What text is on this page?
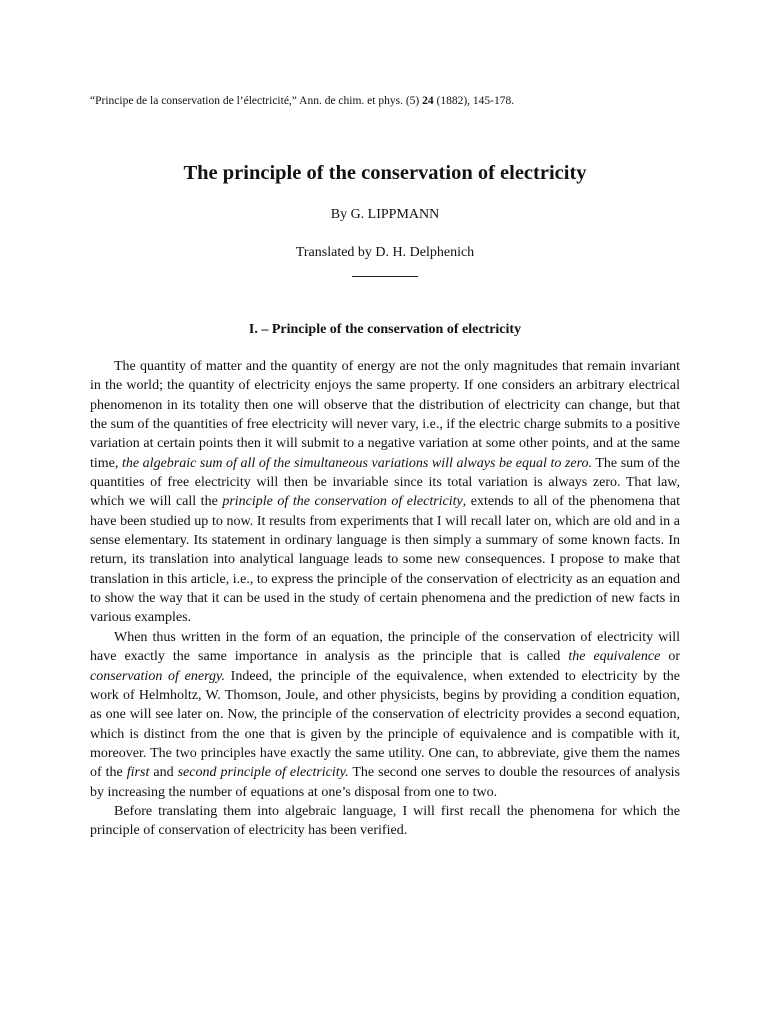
“Principe de la conservation de l’électricité,” Ann. de chim. et phys. (5) 24 (1882), 145-178.
The principle of the conservation of electricity
By G. LIPPMANN
Translated by D. H. Delphenich
I. – Principle of the conservation of electricity

The quantity of matter and the quantity of energy are not the only magnitudes that remain invariant in the world; the quantity of electricity enjoys the same property. If one considers an arbitrary electrical phenomenon in its totality then one will observe that the distribution of electricity can change, but that the sum of the quantities of free electricity will never vary, i.e., if the electric charge submits to a positive variation at certain points then it will submit to a negative variation at some other points, and at the same time, the algebraic sum of all of the simultaneous variations will always be equal to zero. The sum of the quantities of free electricity will then be invariable since its total variation is always zero. That law, which we will call the principle of the conservation of electricity, extends to all of the phenomena that have been studied up to now. It results from experiments that I will recall later on, which are old and in a sense elementary. Its statement in ordinary language is then simply a summary of some known facts. In return, its translation into analytical language leads to some new consequences. I propose to make that translation in this article, i.e., to express the principle of the conservation of electricity as an equation and to show the way that it can be used in the study of certain phenomena and the prediction of new facts in various examples.

When thus written in the form of an equation, the principle of the conservation of electricity will have exactly the same importance in analysis as the principle that is called the equivalence or conservation of energy. Indeed, the principle of the equivalence, when extended to electricity by the work of Helmholtz, W. Thomson, Joule, and other physicists, begins by providing a condition equation, as one will see later on. Now, the principle of the conservation of electricity provides a second equation, which is distinct from the one that is given by the principle of equivalence and is compatible with it, moreover. The two principles have exactly the same utility. One can, to abbreviate, give them the names of the first and second principle of electricity. The second one serves to double the resources of analysis by increasing the number of equations at one’s disposal from one to two.

Before translating them into algebraic language, I will first recall the phenomena for which the principle of conservation of electricity has been verified.
